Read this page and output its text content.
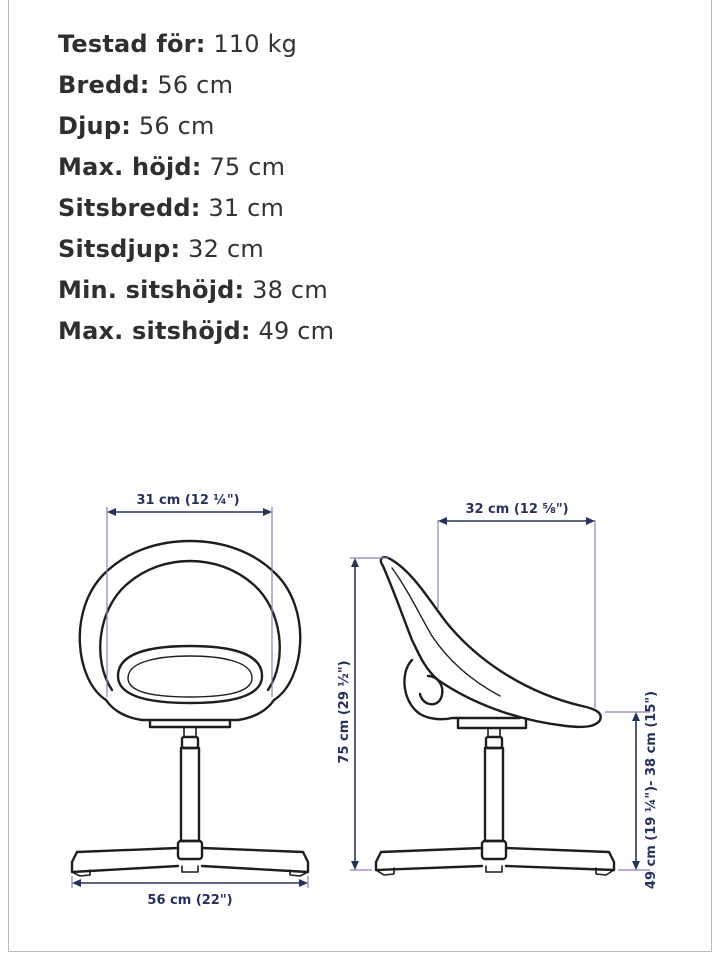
Testad för: 110 kg
Bredd: 56 cm
Djup: 56 cm
Max. höjd: 75 cm
Sitsbredd: 31 cm
Sitsdjup: 32 cm
Min. sitshöjd: 38 cm
Max. sitshöjd: 49 cm
31 cm (12 ¼")
56 cm (22")
32 cm (12 ⅝")
75 cm (29 ½")	49 cm (19 ¼")- 38 cm (15")
